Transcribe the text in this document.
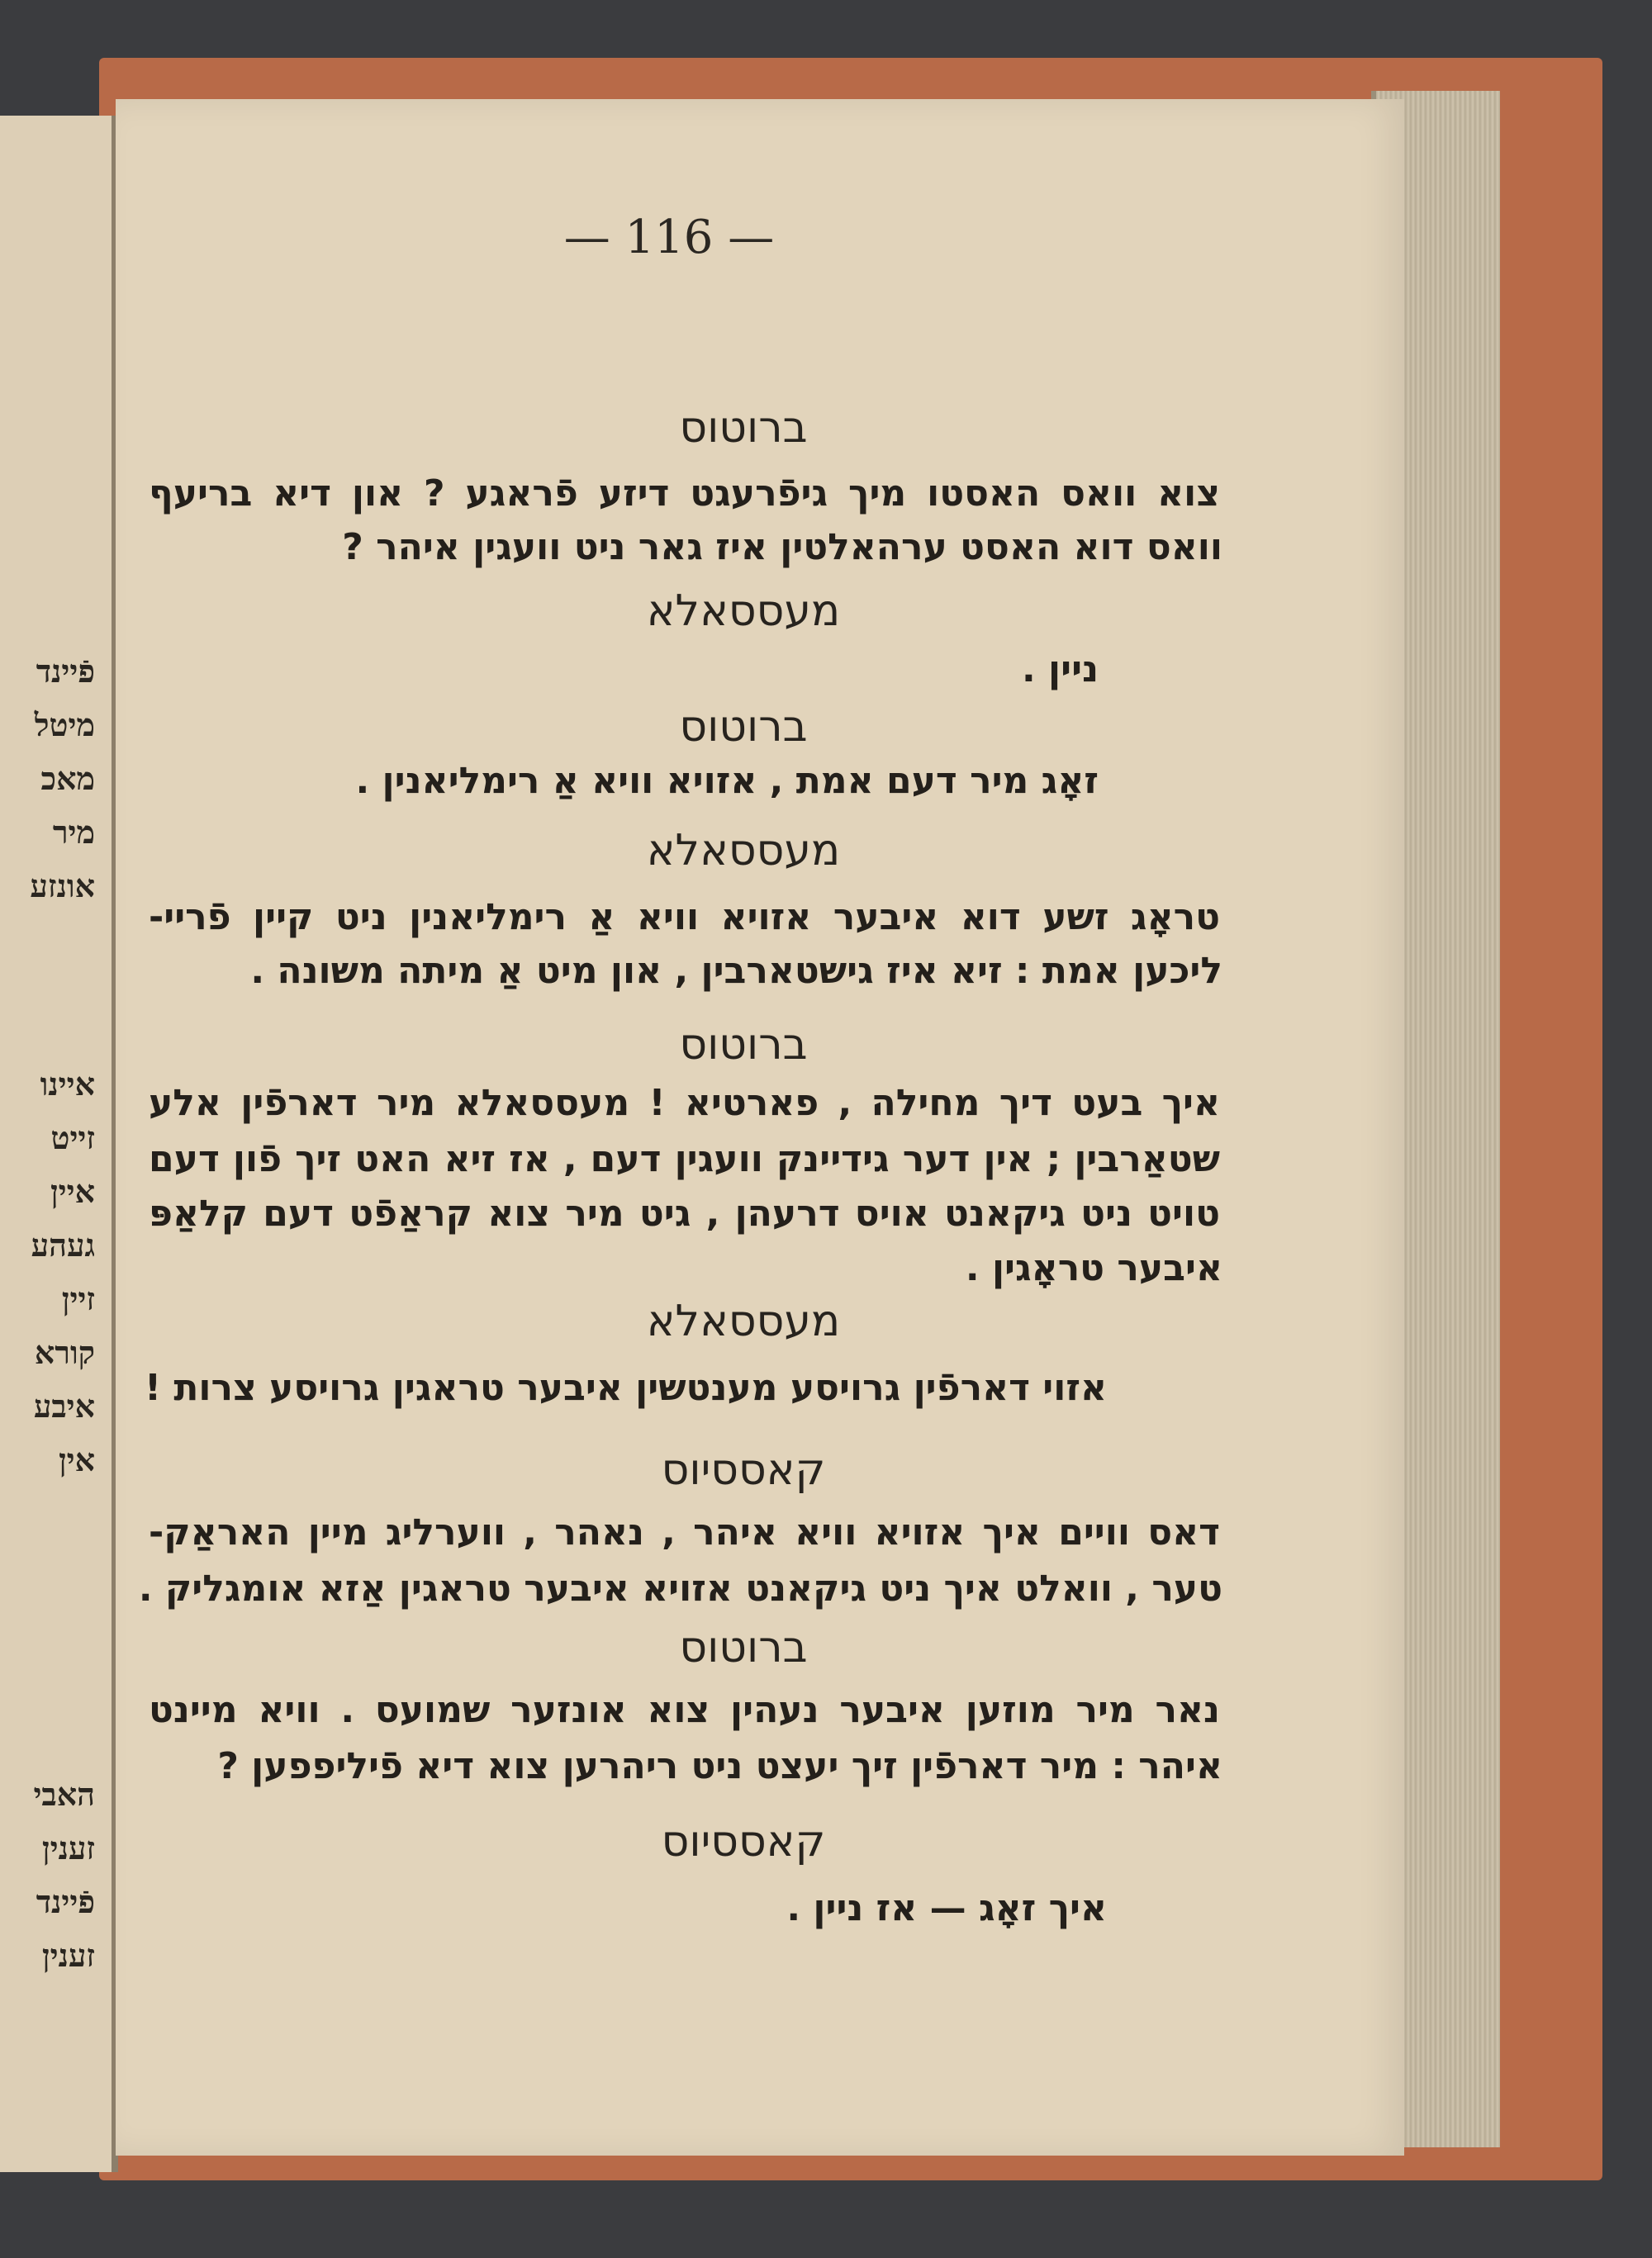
פֿיינד
מיטל
מאכ
מיר
אונזע
איינו
זייט
איין
געהע
זיין
קורא
איבע
אין
האבי
זענין
פֿיינד
זענין
— 116 —
ברוטוס
צוא וואס האסטו מיך גיפֿרעגט דיזע פֿראגע ? און דיא בריעף
וואס דוא האסט ערהאלטין איז גאר ניט וועגין איהר ?
מעססאלא
ניין .
ברוטוס
זאָג מיר דעם אמת , אזויא וויא אַ רימליאנין .
מעססאלא
טראָג זשע דוא איבער אזויא וויא אַ רימליאנין ניט קיין פֿריי-
ליכען אמת : זיא איז גישטארבין , און מיט אַ מיתה משונה .
ברוטוס
איך בעט דיך מחילה , פארטיא ! מעססאלא מיר דארפֿין אלע
שטאַרבין ; אין דער גידיינק וועגין דעם , אז זיא האט זיך פֿון דעם
טויט ניט גיקאנט אויס דרעהן , גיט מיר צוא קראַפֿט דעם קלאַפּ
איבער טראָגין .
מעססאלא
אזוי דארפֿין גרויסע מענטשין איבער טראגין גרויסע צרות !
קאססיוס
דאס וויים איך אזויא וויא איהר , נאהר , ווערליג מיין האראַק-
טער , וואלט איך ניט גיקאנט אזויא איבער טראגין אַזא אומגליק .
ברוטוס
נאר מיר מוזען איבער נעהין צוא אונזער שמועס . וויא מיינט
איהר : מיר דארפֿין זיך יעצט ניט ריהרען צוא דיא פֿיליפפען ?
קאססיוס
איך זאָג — אז ניין .
